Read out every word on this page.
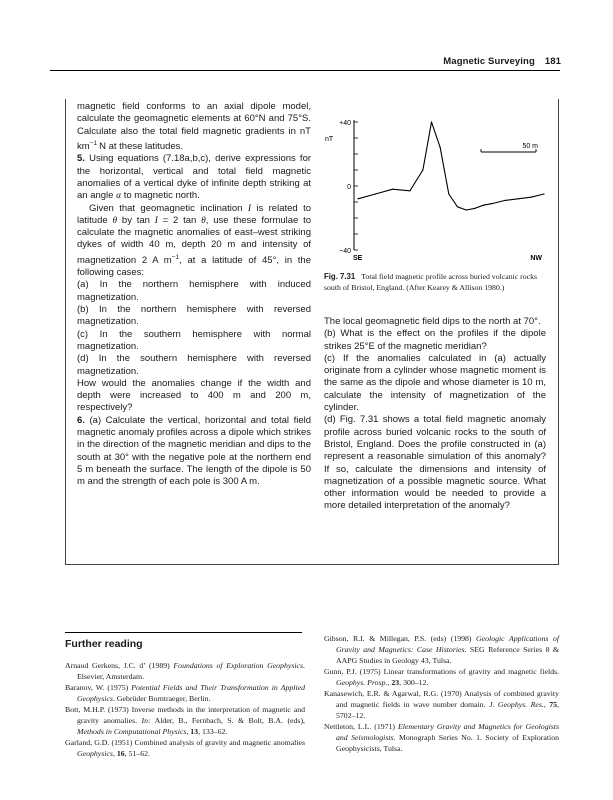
Magnetic Surveying 181

magnetic field conforms to an axial dipole model, calculate the geomagnetic elements at 60°N and 75°S. Calculate also the total field magnetic gradients in nT $km^{-1}$ N at these latitudes.

5. Using equations (7.18a,b,c), derive expressions for the horizontal, vertical and total field magnetic anomalies of a vertical dyke of infinite depth striking at an angle α to magnetic north.

Given that geomagnetic inclination I is related to latitude θ by tan I = 2 tan θ, use these formulae to calculate the magnetic anomalies of east–west striking dykes of width 40 m, depth 20 m and intensity of magnetization 2 A $m^{-1}$, at a latitude of 45°, in the following cases:

(a) In the northern hemisphere with induced magnetization.

(b) In the northern hemisphere with reversed magnetization.

(c) In the southern hemisphere with normal magnetization.

(d) In the southern hemisphere with reversed magnetization.

How would the anomalies change if the width and depth were increased to 400 m and 200 m, respectively?

6. (a) Calculate the vertical, horizontal and total field magnetic anomaly profiles across a dipole which strikes in the direction of the magnetic meridian and dips to the south at 30° with the negative pole at the northern end 5 m beneath the surface. The length of the dipole is 50 m and the strength of each pole is 300 A m.

+40
0
−40
nT
50 m
SE	NW
Fig. 7.31 Total field magnetic profile across buried volcanic rocks south of Bristol, England. (After Kearey & Allison 1980.)

The local geomagnetic field dips to the north at 70°.

(b) What is the effect on the profiles if the dipole strikes 25°E of the magnetic meridian?

(c) If the anomalies calculated in (a) actually originate from a cylinder whose magnetic moment is the same as the dipole and whose diameter is 10 m, calculate the intensity of magnetization of the cylinder.

(d) Fig. 7.31 shows a total field magnetic anomaly profile across buried volcanic rocks to the south of Bristol, England. Does the profile constructed in (a) represent a reasonable simulation of this anomaly? If so, calculate the dimensions and intensity of magnetization of a possible magnetic source. What other information would be needed to provide a more detailed interpretation of the anomaly?

Further reading

Arnaud Gerkens, J.C. d’ (1989) Foundations of Exploration Geophysics. Elsevier, Amsterdam.

Baranov, W. (1975) Potential Fields and Their Transformation in Applied Geophysics. Gebrüder Borntraeger, Berlin.

Bott, M.H.P. (1973) Inverse methods in the interpretation of magnetic and gravity anomalies. In: Alder, B., Fernbach, S. & Bolt, B.A. (eds), Methods in Computational Physics, 13, 133–62.

Garland, G.D. (1951) Combined analysis of gravity and magnetic anomalies Geophysics, 16, 51–62.

Gibson, R.I. & Millegan, P.S. (eds) (1998) Geologic Applications of Gravity and Magnetics: Case Histories. SEG Reference Series 8 & AAPG Studies in Geology 43, Tulsa.

Gunn, P.J. (1975) Linear transformations of gravity and magnetic fields. Geophys. Prosp., 23, 300–12.

Kanasewich, E.R. & Agarwal, R.G. (1970) Analysis of combined gravity and magnetic fields in wave number domain. J. Geophys. Res., 75, 5702–12.

Nettleton, L.L. (1971) Elementary Gravity and Magnetics for Geologists and Seismologists. Monograph Series No. 1. Society of Exploration Geophysicists, Tulsa.
